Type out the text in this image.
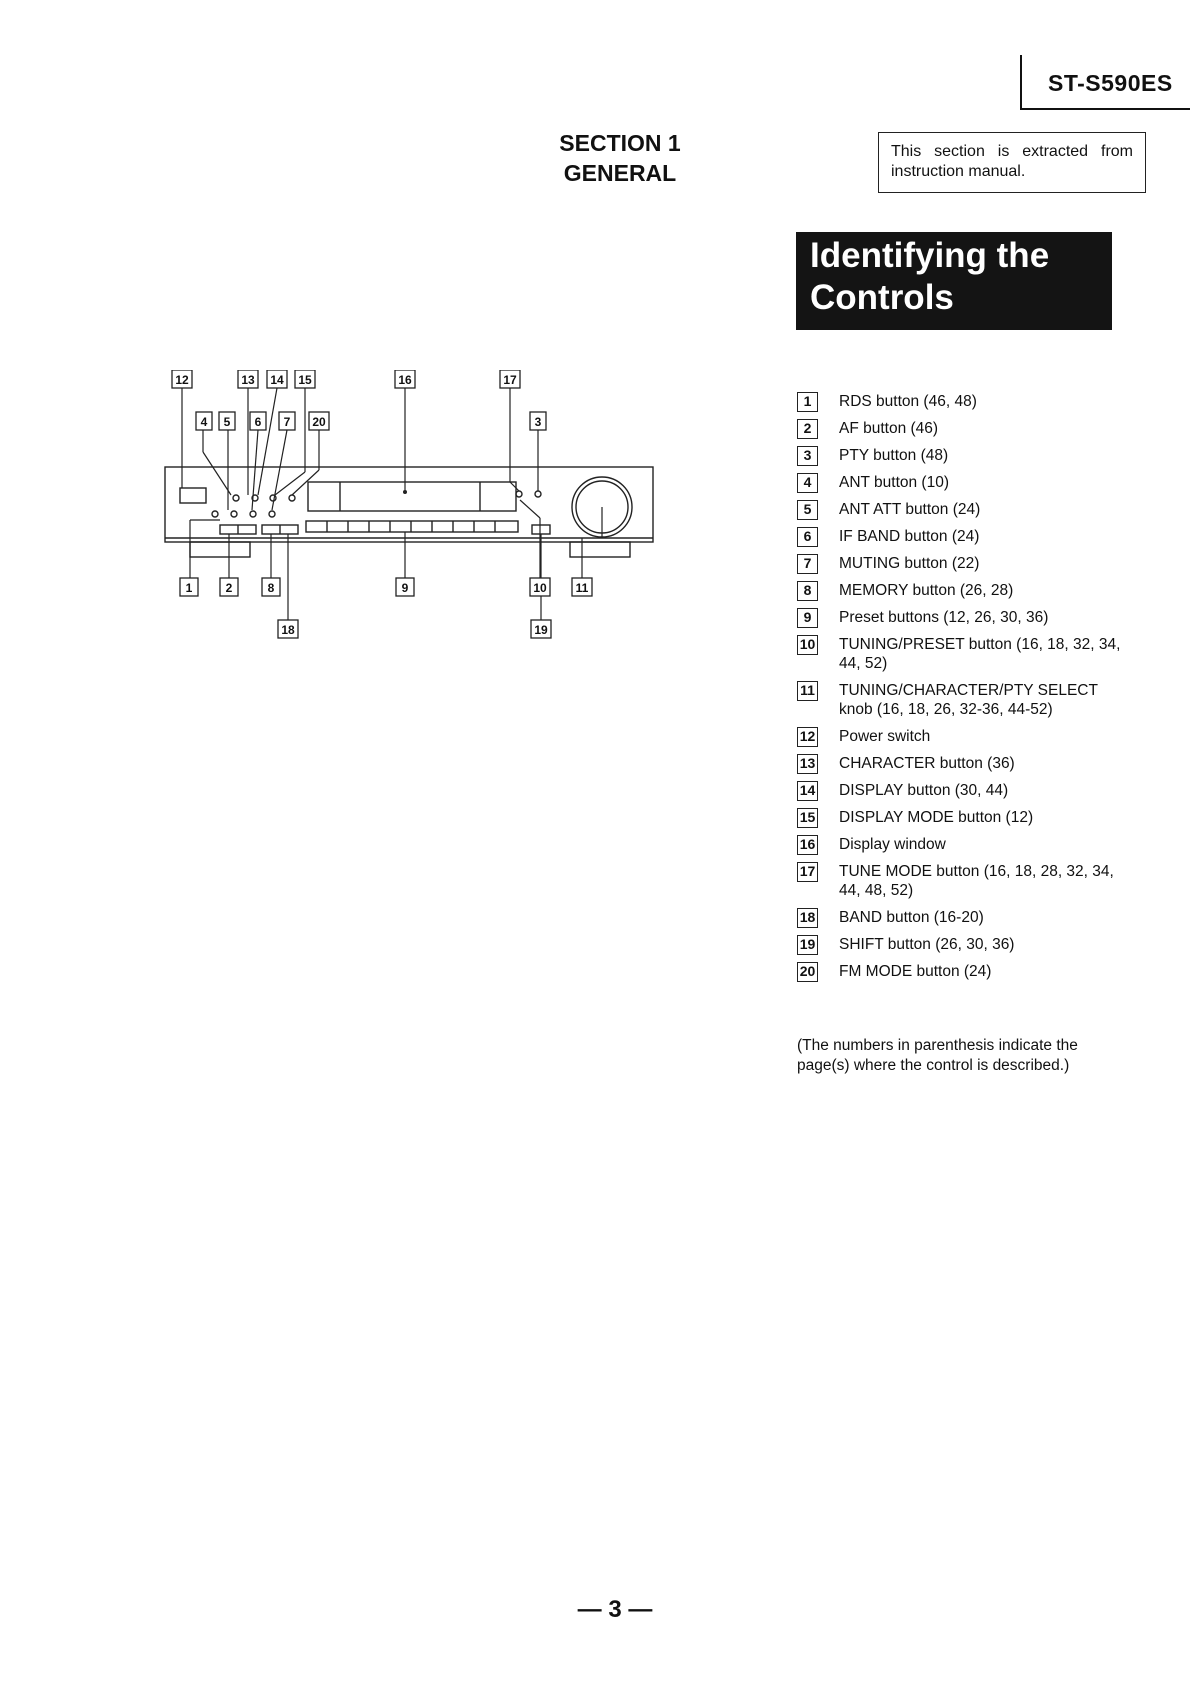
ST-S590ES
SECTION 1
GENERAL
This section is extracted from instruction manual.
Identifying the
Controls
12	13 14 15	16	17
4 5 6 7 20	3
1	2	8	9	10 11
18	19
1	RDS button (46, 48)
2	AF button (46)
3	PTY button (48)
4	ANT button (10)
5	ANT ATT button (24)
6	IF BAND button (24)
7	MUTING button (22)
8	MEMORY button (26, 28)
9	Preset buttons (12, 26, 30, 36)
10 TUNING/PRESET button (16, 18, 32, 34, 44, 52)
11 TUNING/CHARACTER/PTY SELECT knob (16, 18, 26, 32-36, 44-52)
12 Power switch
13 CHARACTER button (36)
14 DISPLAY button (30, 44)
15 DISPLAY MODE button (12)
16 Display window
17 TUNE MODE button (16, 18, 28, 32, 34, 44, 48, 52)
18 BAND button (16-20)
19 SHIFT button (26, 30, 36)
20 FM MODE button (24)
(The numbers in parenthesis indicate the page(s) where the control is described.)
— 3 —
